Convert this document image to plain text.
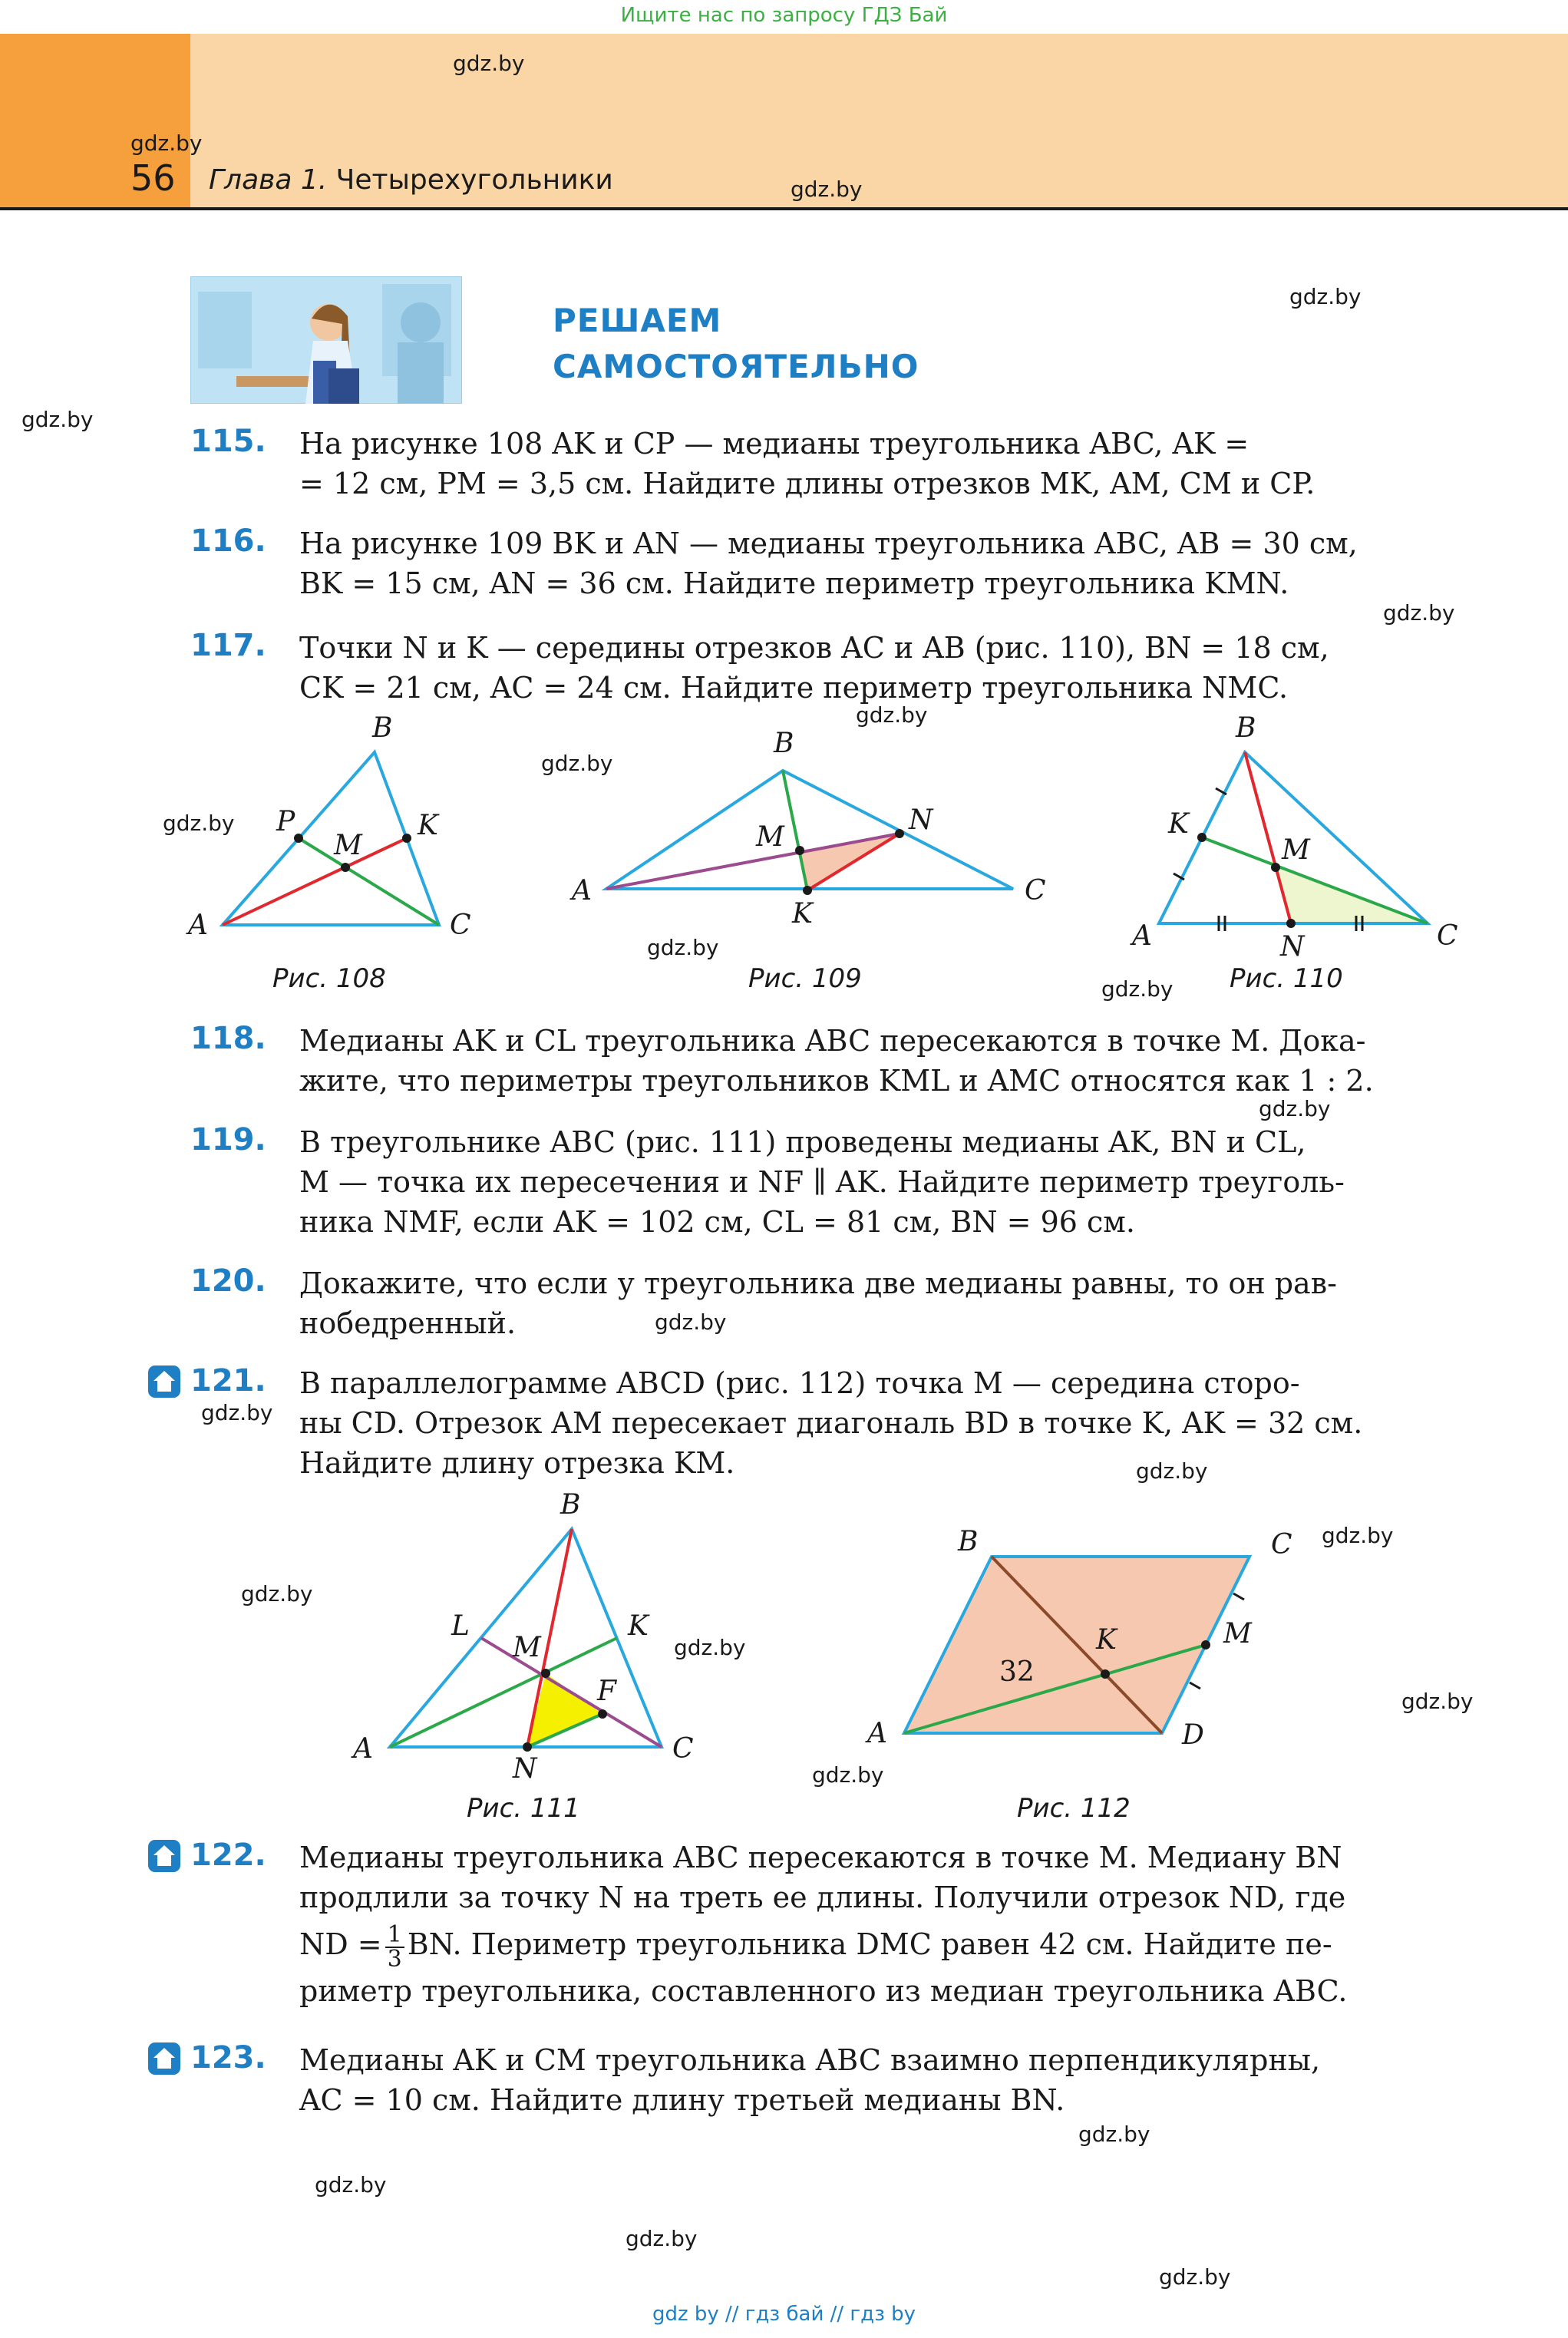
Ищите нас по запросу ГДЗ Бай
56 Глава 1. Четырехугольники
gdz.by
gdz.by
gdz.by
gdz.by
gdz.by
gdz.by
gdz.by
gdz.by
gdz.by
gdz.by
gdz.by
gdz.by
gdz.by
gdz.by
gdz.by
gdz.by
gdz.by
gdz.by
gdz.by
gdz.by
gdz.by
gdz.by
gdz.by
gdz.by
РЕШАЕМ
САМОСТОЯТЕЛЬНО
115. На рисунке 108 AK и CP — медианы треугольника ABC, AK =
= 12 см, PM = 3,5 см. Найдите длины отрезков MK, AM, CM и CP.
116. На рисунке 109 BK и AN — медианы треугольника ABC, AB = 30 см,
BK = 15 см, AN = 36 см. Найдите периметр треугольника KMN.
117. Точки N и K — середины отрезков AC и AB (рис. 110), BN = 18 см,
CK = 21 см, AC = 24 см. Найдите периметр треугольника NMC.
B
A	C
P	K
M
Рис. 108
B
A	C
N
K
M
Рис. 109
B
A	C
K
M
N
Рис. 110
118. Медианы AK и CL треугольника ABC пересекаются в точке M. Дока-
жите, что периметры треугольников KML и AMC относятся как 1 : 2.
119. В треугольнике ABC (рис. 111) проведены медианы AK, BN и CL,
M — точка их пересечения и NF ∥ AK. Найдите периметр треуголь-
ника NMF, если AK = 102 см, CL = 81 см, BN = 96 см.
120. Докажите, что если у треугольника две медианы равны, то он рав-
нобедренный.
121. В параллелограмме ABCD (рис. 112) точка M — середина сторо-
ны CD. Отрезок AM пересекает диагональ BD в точке K, AK = 32 см.
Найдите длину отрезка KM.
B
A	C
L	K
M
F
N
Рис. 111
B	C
A	D
K	M
32
Рис. 112
122. Медианы треугольника ABC пересекаются в точке M. Медиану BN
продлили за точку N на треть ее длины. Получили отрезок ND, где
ND = $\frac{1}{3}$ BN. Периметр треугольника DMC равен 42 см. Найдите пе-
риметр треугольника, составленного из медиан треугольника ABC.
123. Медианы AK и CM треугольника ABC взаимно перпендикулярны,
AC = 10 см. Найдите длину третьей медианы BN.
gdz by // гдз бай // гдз by
